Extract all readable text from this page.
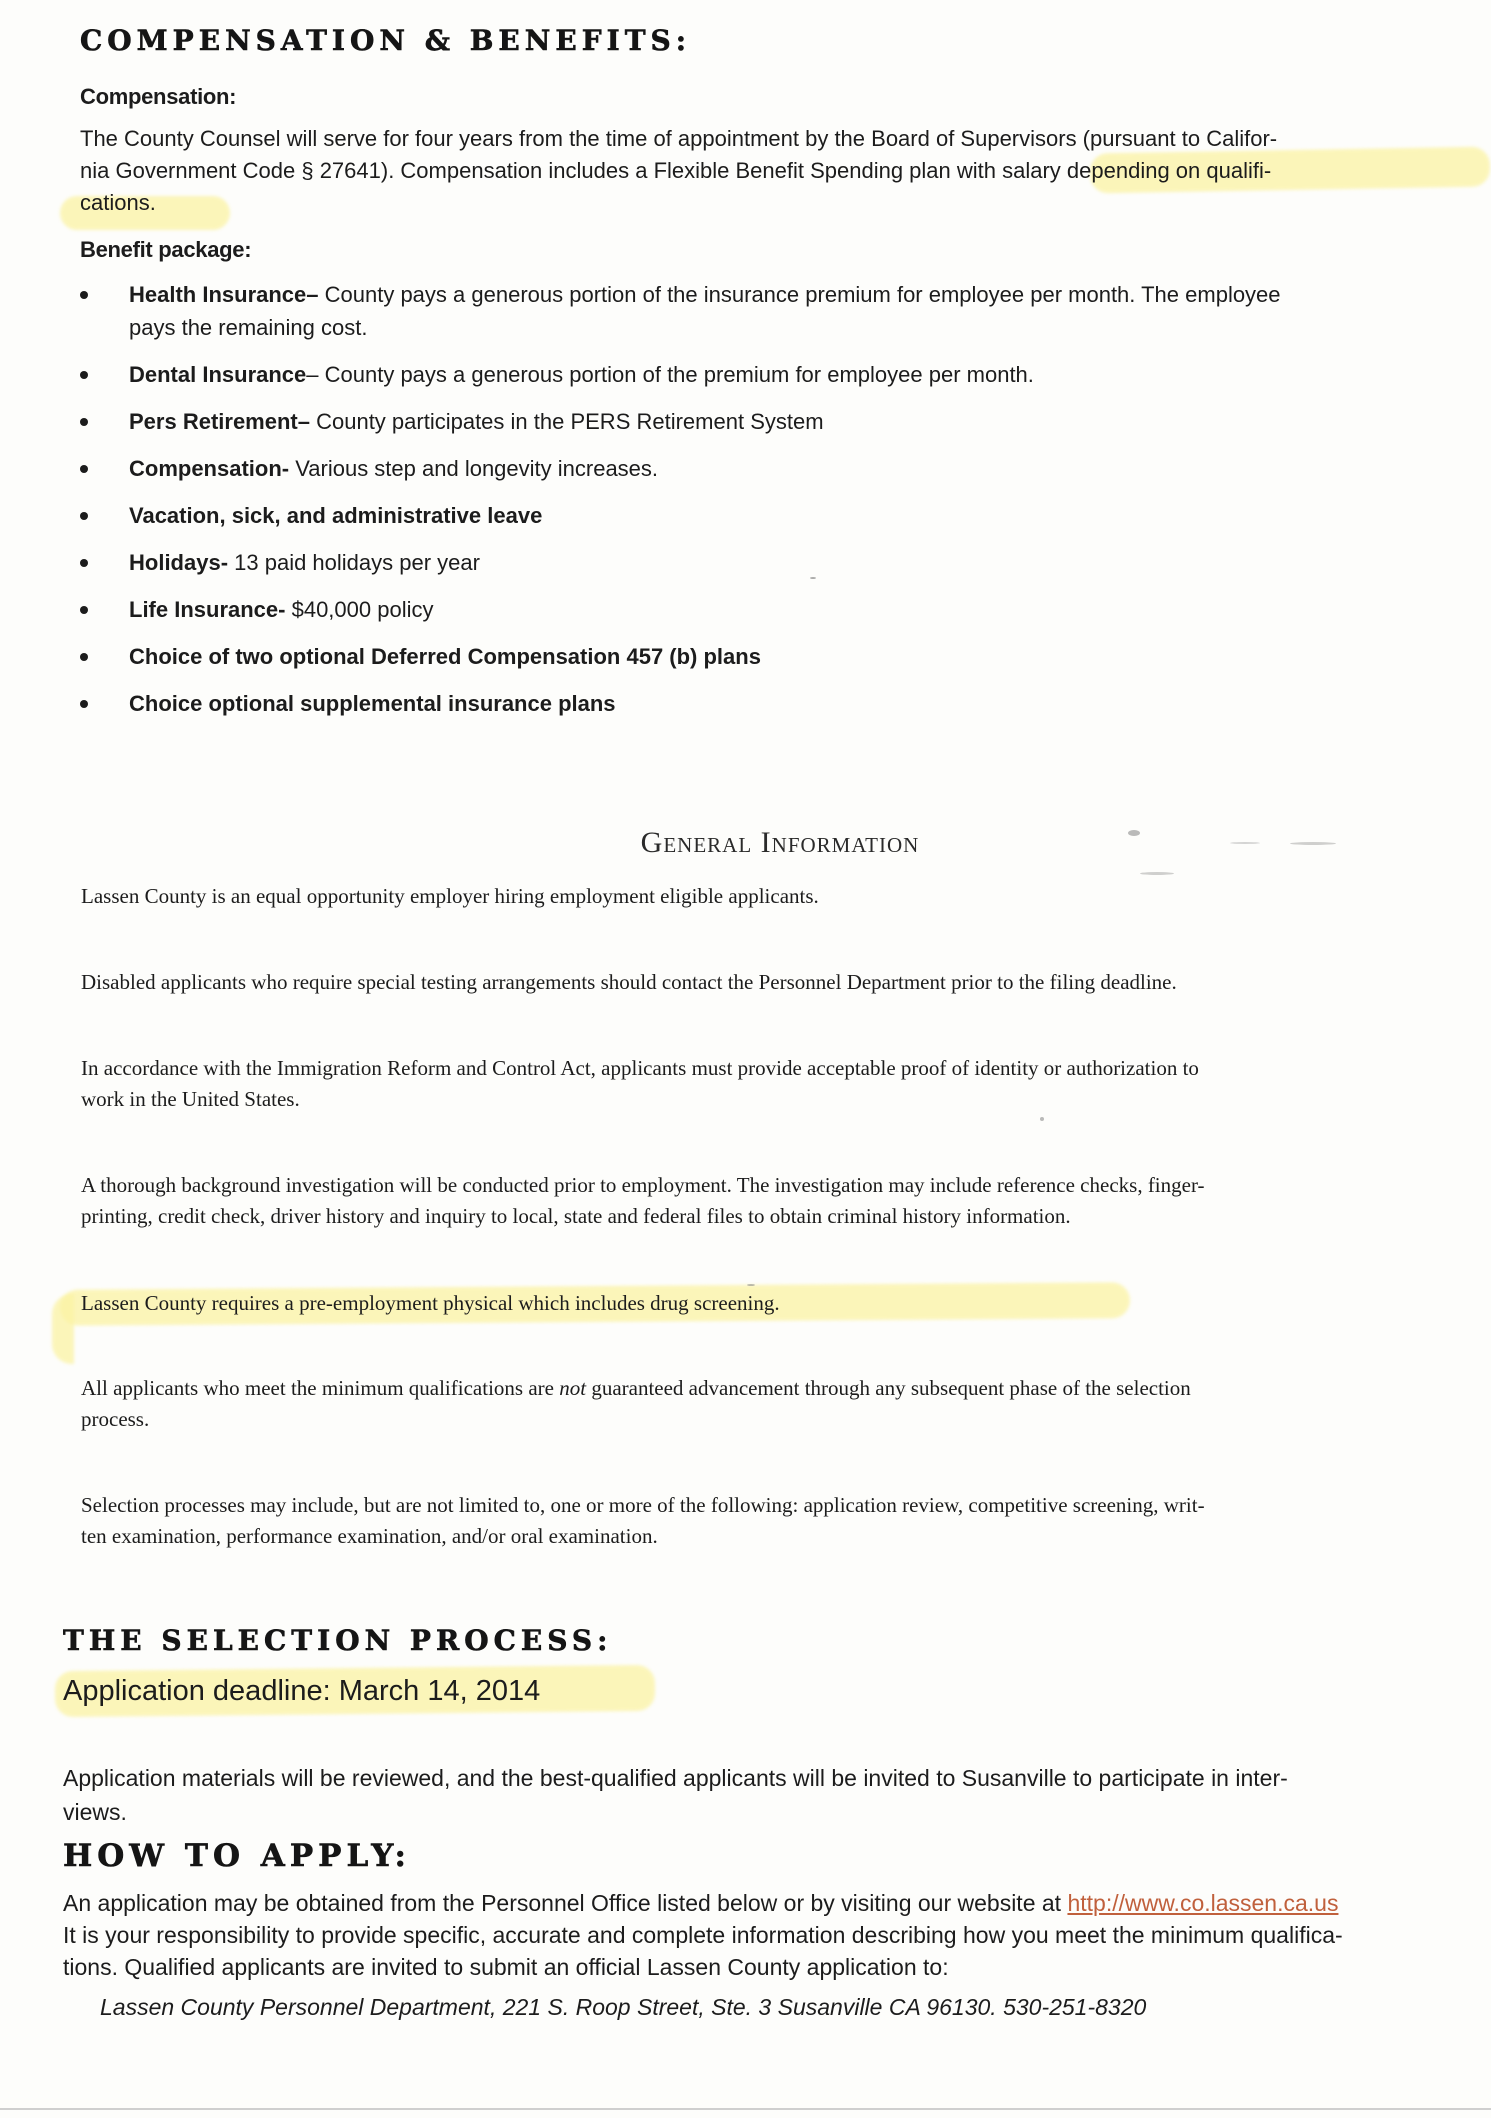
COMPENSATION & BENEFITS:
Compensation:
The County Counsel will serve for four years from the time of appointment by the Board of Supervisors (pursuant to Califor-
nia Government Code § 27641). Compensation includes a Flexible Benefit Spending plan with salary depending on qualifi-
cations.
Benefit package:
Health Insurance– County pays a generous portion of the insurance premium for employee per month. The employee
pays the remaining cost.
Dental Insurance– County pays a generous portion of the premium for employee per month.
Pers Retirement– County participates in the PERS Retirement System
Compensation- Various step and longevity increases.
Vacation, sick, and administrative leave
Holidays- 13 paid holidays per year
Life Insurance- $40,000 policy
Choice of two optional Deferred Compensation 457 (b) plans
Choice optional supplemental insurance plans
General Information
Lassen County is an equal opportunity employer hiring employment eligible applicants.
Disabled applicants who require special testing arrangements should contact the Personnel Department prior to the filing deadline.
In accordance with the Immigration Reform and Control Act, applicants must provide acceptable proof of identity or authorization to
work in the United States.
A thorough background investigation will be conducted prior to employment. The investigation may include reference checks, finger-
printing, credit check, driver history and inquiry to local, state and federal files to obtain criminal history information.
Lassen County requires a pre-employment physical which includes drug screening.
All applicants who meet the minimum qualifications are not guaranteed advancement through any subsequent phase of the selection
process.
Selection processes may include, but are not limited to, one or more of the following: application review, competitive screening, writ-
ten examination, performance examination, and/or oral examination.
THE SELECTION PROCESS:
Application deadline: March 14, 2014
Application materials will be reviewed, and the best-qualified applicants will be invited to Susanville to participate in inter-
views.
HOW TO APPLY:
An application may be obtained from the Personnel Office listed below or by visiting our website at http://www.co.lassen.ca.us
It is your responsibility to provide specific, accurate and complete information describing how you meet the minimum qualifica-
tions. Qualified applicants are invited to submit an official Lassen County application to:
Lassen County Personnel Department, 221 S. Roop Street, Ste. 3 Susanville CA 96130. 530-251-8320
